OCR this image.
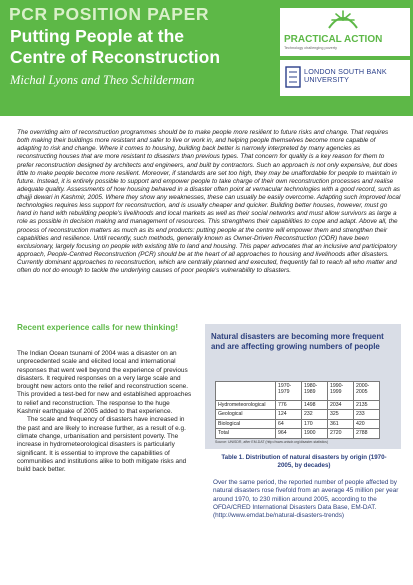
PCR POSITION PAPER
Putting People at the
Centre of Reconstruction
Michal Lyons and Theo Schilderman
PRACTICAL ACTION
Technology challenging poverty
LONDON SOUTH BANK
UNIVERSITY
The overriding aim of reconstruction programmes should be to make people more resilient to future risks and change. That requires both making their buildings more resistant and safer to live or work in, and helping people themselves become more capable of adapting to risk and change. Where it comes to housing, building back better is narrowly interpreted by many agencies as reconstructing houses that are more resistant to disasters than previous types. That concern for quality is a key reason for them to prefer reconstruction designed by architects and engineers, and built by contractors. Such an approach is not only expensive, but does little to make people become more resilient. Moreover, if standards are set too high, they may be unaffordable for people to maintain in future. Instead, it is entirely possible to support and empower people to take charge of their own reconstruction processes and realise adequate quality. Assessments of how housing behaved in a disaster often point at vernacular technologies with a good record, such as dhajji dewari in Kashmir, 2005. Where they show any weaknesses, these can usually be easily overcome. Adapting such improved local technologies requires less support for reconstruction, and is usually cheaper and quicker. Building better houses, however, must go hand in hand with rebuilding people's livelihoods and local markets as well as their social networks and must allow survivors as large a role as possible in decision making and management of resources. This strengthens their capabilities to cope and adapt. Above all, the process of reconstruction matters as much as its end products: putting people at the centre will empower them and strengthen their capabilities and resilience. Until recently, such methods, generally known as Owner-Driven Reconstruction (ODR) have been exclusionary, largely focusing on people with existing title to land and housing. This paper advocates that an inclusive and participatory approach, People-Centred Reconstruction (PCR) should be at the heart of all approaches to housing and livelihoods after disasters. Currently dominant approaches to reconstruction, which are centrally planned and executed, frequently fail to reach all who matter and often do not do enough to tackle the underlying causes of poor people's vulnerability to disasters.
Recent experience calls for new thinking!

The Indian Ocean tsunami of 2004 was a disaster on an unprecedented scale and elicited local and international responses that went well beyond the experience of previous disasters. It required responses on a very large scale and brought new actors onto the relief and reconstruction scene. This provided a test-bed for new and established approaches to relief and reconstruction. The response to the huge Kashmir earthquake of 2005 added to that experience.

The scale and frequency of disasters have increased in the past and are likely to increase further, as a result of e.g. climate change, urbanisation and persistent poverty. The increase in hydrometeorological disasters is particularly significant. It is essential to improve the capabilities of communities and institutions alike to both mitigate risks and build back better.

Natural disasters are becoming more frequent and are affecting growing numbers of people
	1970-1979	1980-1989	1990-1999	2000-2005
Hydrometeorological	776	1498	2034	2135
Geological	124	232	325	233
Biological	64	170	361	420
Total	964	1900	2720	2788
Source: UNISDR, after EM-DAT (http://www.unisdr.org/disaster-statistics)
Table 1. Distribution of natural disasters by origin (1970-2005, by decades)
Over the same period, the reported number of people affected by natural disasters rose fivefold from an average 45 million per year around 1970, to 230 million around 2005, according to the OFDA/CRED International Disasters Data Base, EM-DAT. (http://www.emdat.be/natural-disasters-trends)
